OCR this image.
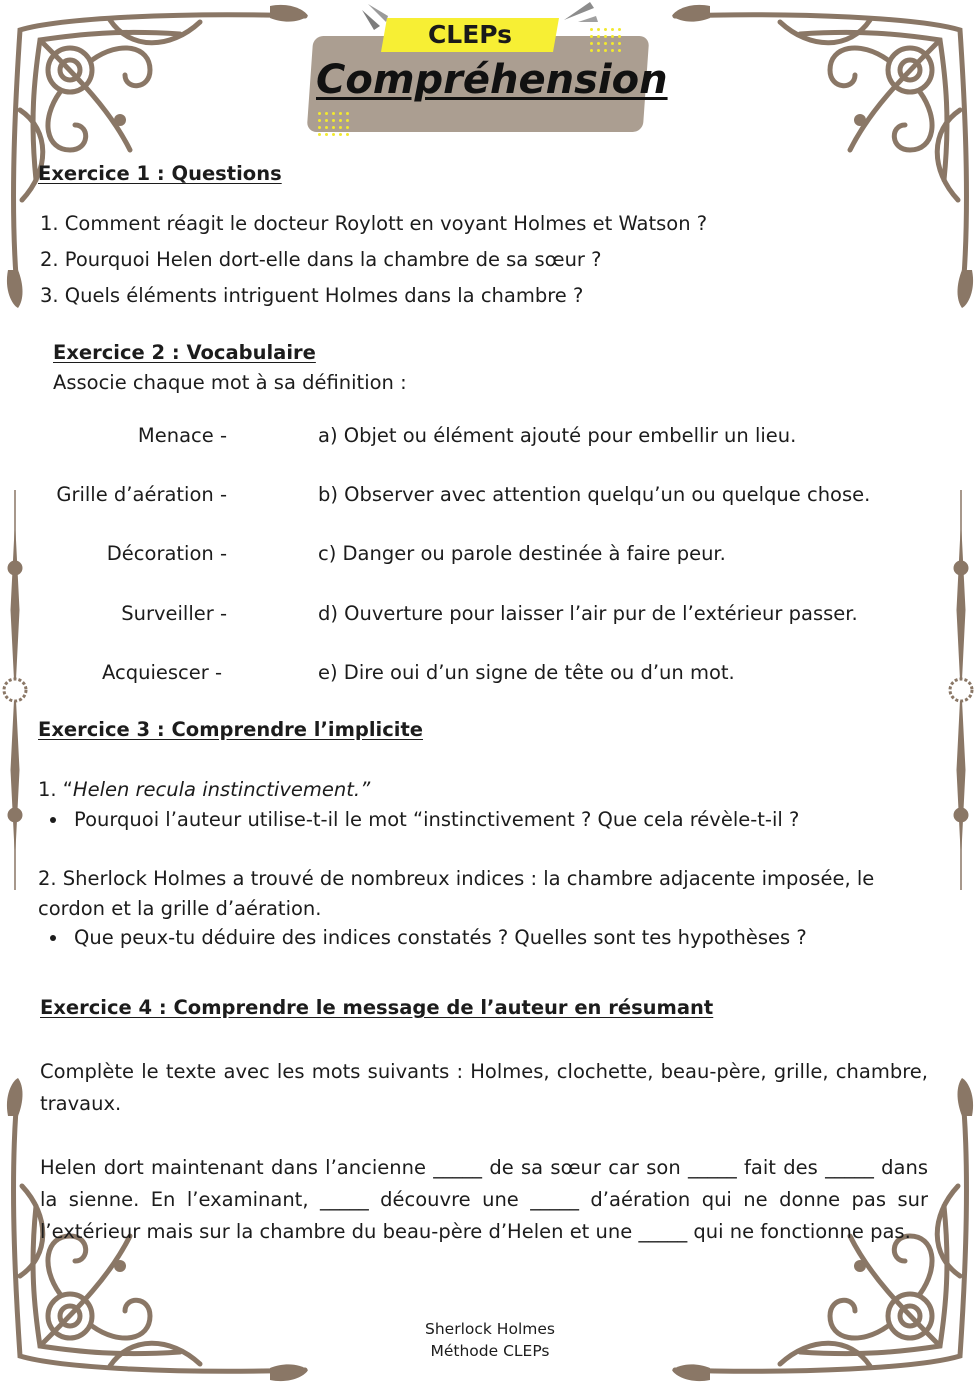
CLEPs
Compréhension
Exercice 1 : Questions
1. Comment réagit le docteur Roylott en voyant Holmes et Watson ?
2. Pourquoi Helen dort-elle dans la chambre de sa sœur ?
3. Quels éléments intriguent Holmes dans la chambre ?
Exercice 2 : Vocabulaire
Associe chaque mot à sa définition :
Menace -
Grille d’aération -
Décoration -
Surveiller -
Acquiescer -
a) Objet ou élément ajouté pour embellir un lieu.
b) Observer avec attention quelqu’un ou quelque chose.
c) Danger ou parole destinée à faire peur.
d) Ouverture pour laisser l’air pur de l’extérieur passer.
e) Dire oui d’un signe de tête ou d’un mot.
Exercice 3 : Comprendre l’implicite
1. “Helen recula instinctivement.”
Pourquoi l’auteur utilise-t-il le mot “instinctivement ? Que cela révèle-t-il ?
2. Sherlock Holmes a trouvé de nombreux indices : la chambre adjacente imposée, le
cordon et la grille d’aération.
Que peux-tu déduire des indices constatés ? Quelles sont tes hypothèses ?
Exercice 4 : Comprendre le message de l’auteur en résumant

Complète le texte avec les mots suivants : Holmes, clochette, beau-père, grille, chambre, travaux.

Helen dort maintenant dans l’ancienne _____ de sa sœur car son _____ fait des _____ dans la sienne. En l’examinant, _____ découvre une _____ d’aération qui ne donne pas sur l’extérieur mais sur la chambre du beau-père d’Helen et une _____ qui ne fonctionne pas.

Sherlock Holmes
Méthode CLEPs
